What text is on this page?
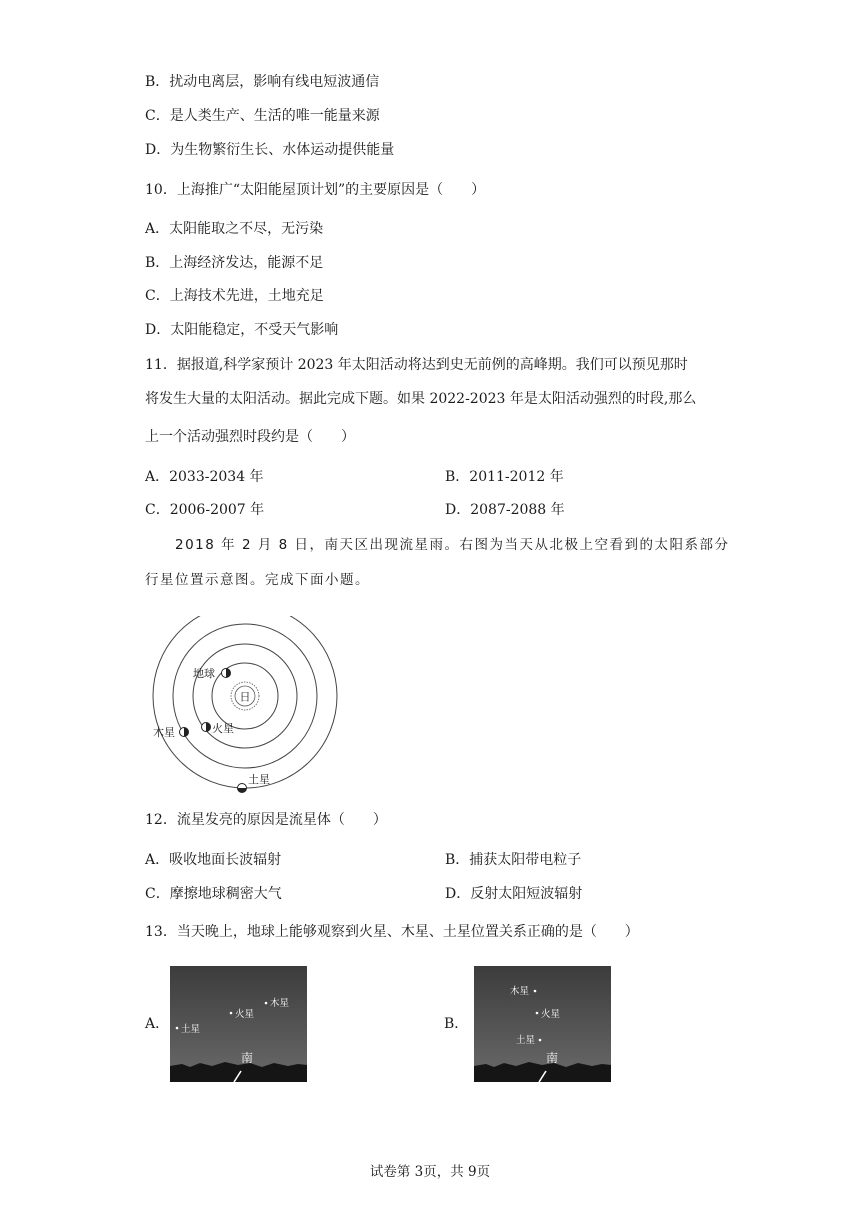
B．扰动电离层，影响有线电短波通信
C．是人类生产、生活的唯一能量来源
D．为生物繁衍生长、水体运动提供能量
10．上海推广“太阳能屋顶计划”的主要原因是（　　）
A．太阳能取之不尽，无污染
B．上海经济发达，能源不足
C．上海技术先进，土地充足
D．太阳能稳定，不受天气影响
11．据报道,科学家预计 2023 年太阳活动将达到史无前例的高峰期。我们可以预见那时
将发生大量的太阳活动。据此完成下题。如果 2022-2023 年是太阳活动强烈的时段,那么
上一个活动强烈时段约是（　　）
A．2033-2034 年	B．2011-2012 年
C．2006-2007 年	D．2087-2088 年
2018 年 2 月 8 日，南天区出现流星雨。右图为当天从北极上空看到的太阳系部分
行星位置示意图。完成下面小题。
日
地球
火星
木星
土星
12．流星发亮的原因是流星体（　　）
A．吸收地面长波辐射	B．捕获太阳带电粒子
C．摩擦地球稠密大气	D．反射太阳短波辐射
13．当天晚上，地球上能够观察到火星、木星、土星位置关系正确的是（　　）
A．
木星
火星
土星
南
B．
木星
火星
土星
南
试卷第 3页，共 9页
